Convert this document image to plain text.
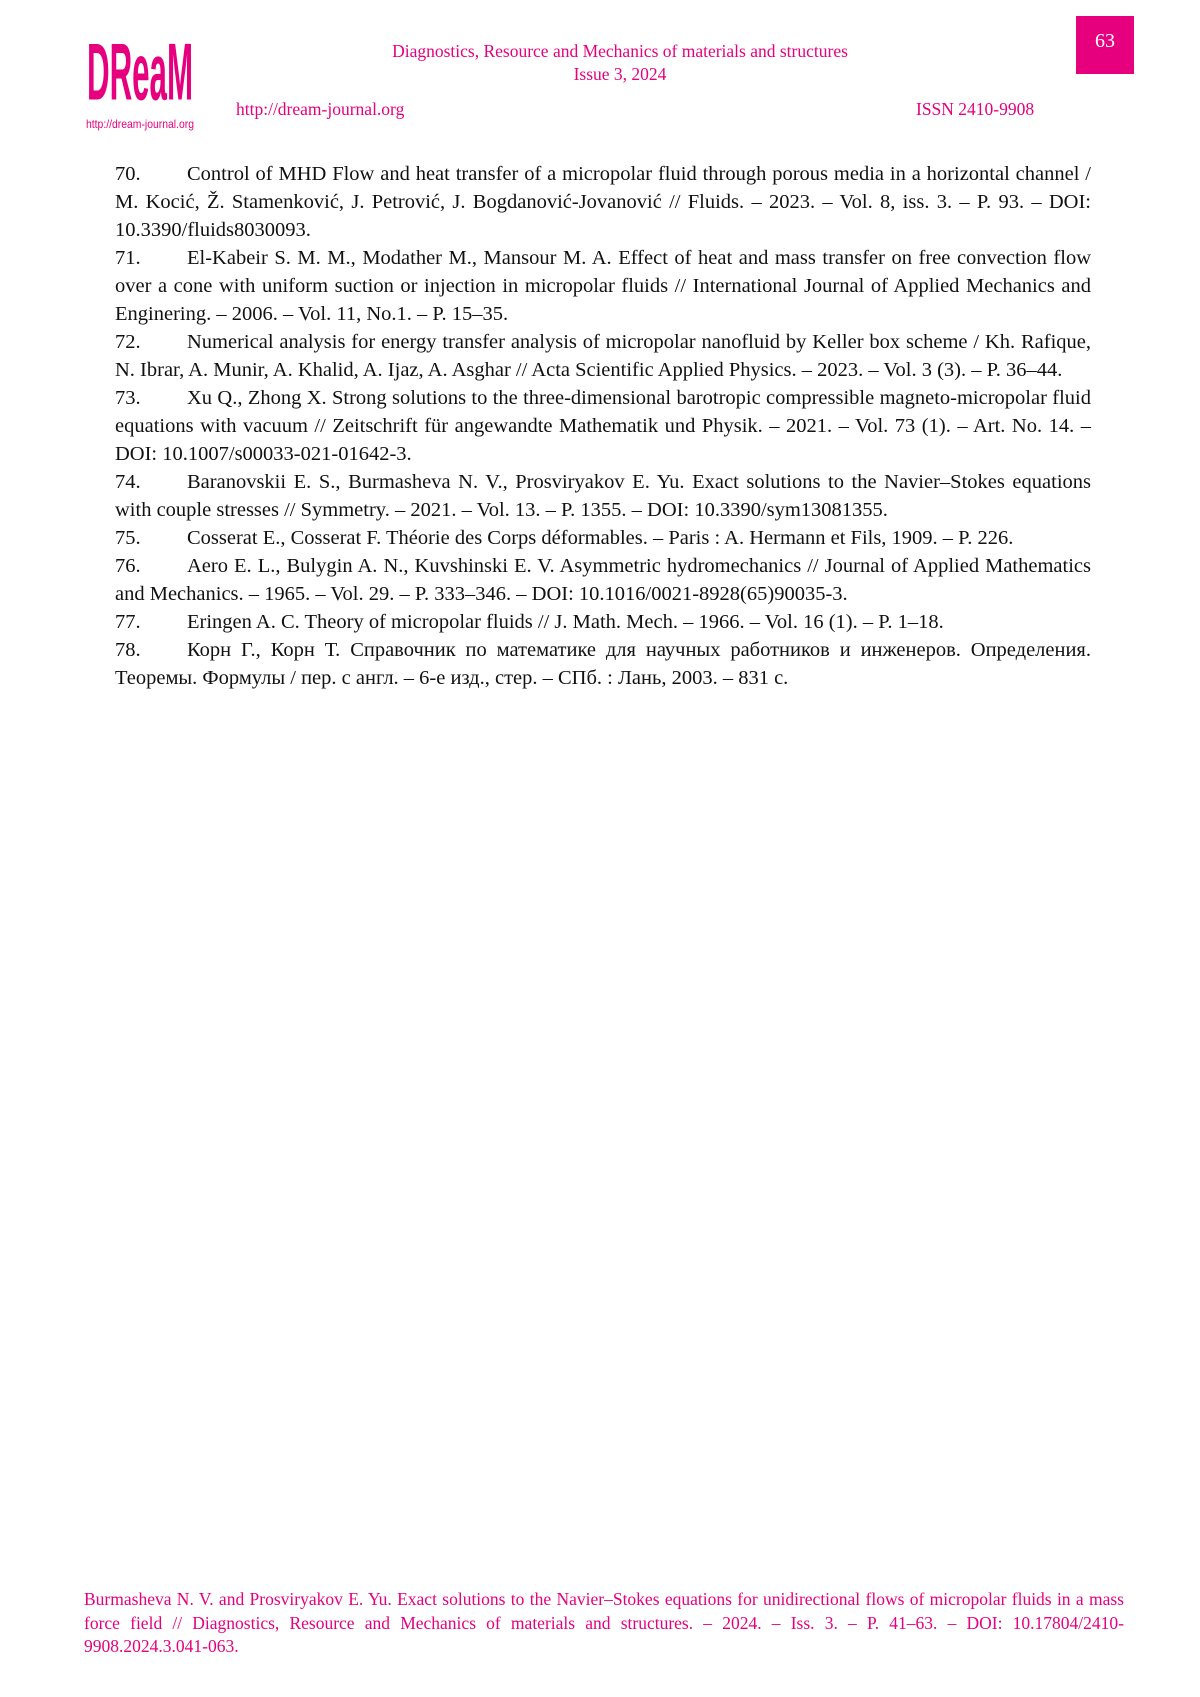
DReaM
http://dream-journal.org
Diagnostics, Resource and Mechanics of materials and structures
Issue 3, 2024
63
http://dream-journal.org	ISSN 2410-9908

70. Control of MHD Flow and heat transfer of a micropolar fluid through porous media in a horizontal channel / M. Kocić, Ž. Stamenković, J. Petrović, J. Bogdanović-Jovanović // Fluids. – 2023. – Vol. 8, iss. 3. – P. 93. – DOI: 10.3390/fluids8030093.

71. El-Kabeir S. M. M., Modather M., Mansour M. A. Effect of heat and mass transfer on free convection flow over a cone with uniform suction or injection in micropolar fluids // International Journal of Applied Mechanics and Enginering. – 2006. – Vol. 11, No.1. – P. 15–35.

72. Numerical analysis for energy transfer analysis of micropolar nanofluid by Keller box scheme / Kh. Rafique, N. Ibrar, A. Munir, A. Khalid, A. Ijaz, A. Asghar // Acta Scientific Applied Physics. – 2023. – Vol. 3 (3). – P. 36–44.

73. Xu Q., Zhong X. Strong solutions to the three-dimensional barotropic compressible magneto-micropolar fluid equations with vacuum // Zeitschrift für angewandte Mathematik und Physik. – 2021. – Vol. 73 (1). – Art. No. 14. – DOI: 10.1007/s00033-021-01642-3.

74. Baranovskii E. S., Burmasheva N. V., Prosviryakov E. Yu. Exact solutions to the Navier–Stokes equations with couple stresses // Symmetry. – 2021. – Vol. 13. – P. 1355. – DOI: 10.3390/sym13081355.

75. Cosserat E., Cosserat F. Théorie des Corps déformables. – Paris : A. Hermann et Fils, 1909. – P. 226.

76. Aero E. L., Bulygin A. N., Kuvshinski E. V. Asymmetric hydromechanics // Journal of Applied Mathematics and Mechanics. – 1965. – Vol. 29. – P. 333–346. – DOI: 10.1016/0021-8928(65)90035-3.

77. Eringen A. C. Theory of micropolar fluids // J. Math. Mech. – 1966. – Vol. 16 (1). – P. 1–18.

78. Корн Г., Корн Т. Справочник по математике для научных работников и инженеров. Определения. Теоремы. Формулы / пер. с англ. – 6-е изд., стер. – СПб. : Лань, 2003. – 831 с.

Burmasheva N. V. and Prosviryakov E. Yu. Exact solutions to the Navier–Stokes equations for unidirectional flows of micropolar fluids in a mass force field // Diagnostics, Resource and Mechanics of materials and structures. – 2024. – Iss. 3. – P. 41–63. – DOI: 10.17804/2410-9908.2024.3.041-063.
